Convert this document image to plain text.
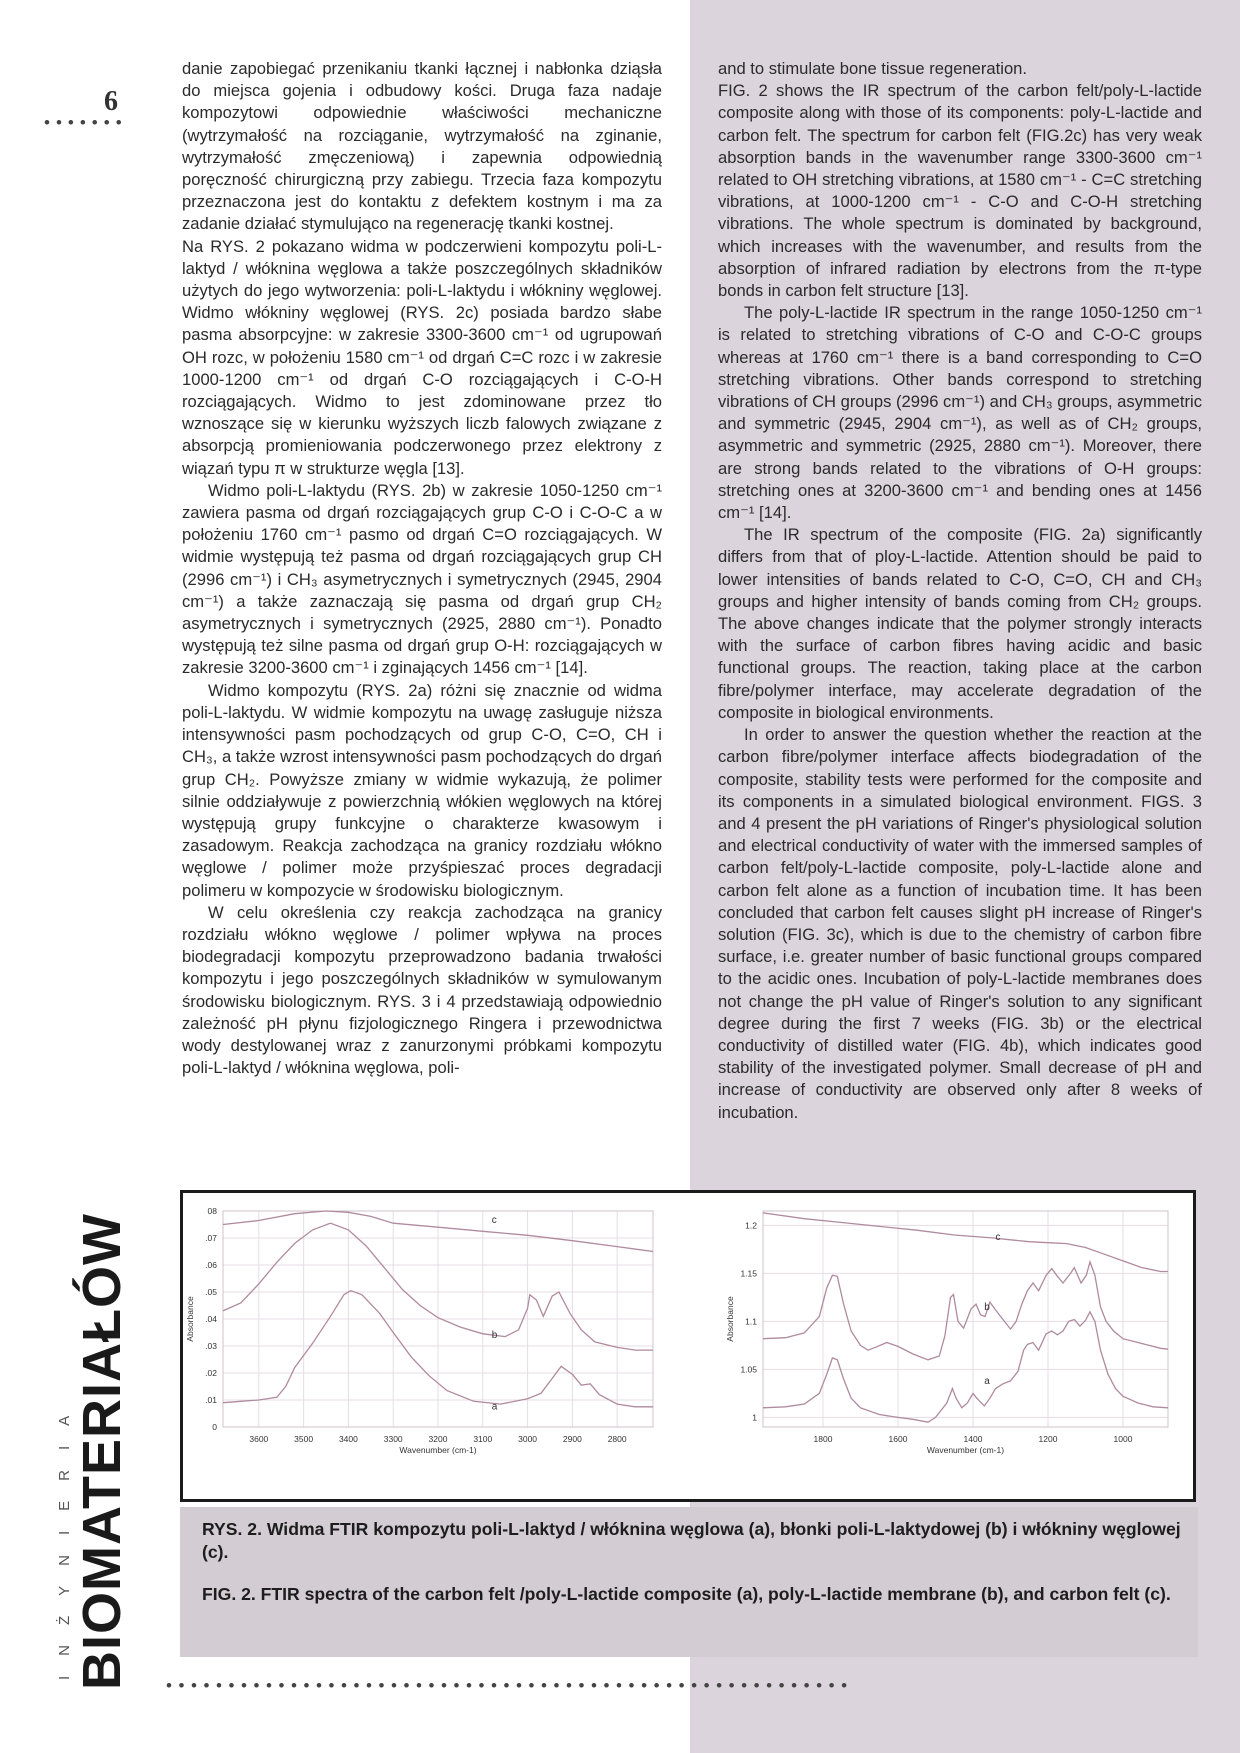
6
•••••••
INŻYNIERIA BIOMATERIAŁÓW

danie zapobiegać przenikaniu tkanki łącznej i nabłonka dziąsła do miejsca gojenia i odbudowy kości. Druga faza nadaje kompozytowi odpowiednie właściwości mechaniczne (wytrzymałość na rozciąganie, wytrzymałość na zginanie, wytrzymałość zmęczeniową) i zapewnia odpowiednią poręczność chirurgiczną przy zabiegu. Trzecia faza kompozytu przeznaczona jest do kontaktu z defektem kostnym i ma za zadanie działać stymulująco na regenerację tkanki kostnej.

Na RYS. 2 pokazano widma w podczerwieni kompozytu poli-L-laktyd / włóknina węglowa a także poszczególnych składników użytych do jego wytworzenia: poli-L-laktydu i włókniny węglowej. Widmo włókniny węglowej (RYS. 2c) posiada bardzo słabe pasma absorpcyjne: w zakresie 3300-3600 cm⁻¹ od ugrupowań OH rozc, w położeniu 1580 cm⁻¹ od drgań C=C rozc i w zakresie 1000-1200 cm⁻¹ od drgań C-O rozciągających i C-O-H rozciągających. Widmo to jest zdominowane przez tło wznoszące się w kierunku wyższych liczb falowych związane z absorpcją promieniowania podczerwonego przez elektrony z wiązań typu π w strukturze węgla [13].

Widmo poli-L-laktydu (RYS. 2b) w zakresie 1050-1250 cm⁻¹ zawiera pasma od drgań rozciągających grup C-O i C-O-C a w położeniu 1760 cm⁻¹ pasmo od drgań C=O rozciągających. W widmie występują też pasma od drgań rozciągających grup CH (2996 cm⁻¹) i CH₃ asymetrycznych i symetrycznych (2945, 2904 cm⁻¹) a także zaznaczają się pasma od drgań grup CH₂ asymetrycznych i symetrycznych (2925, 2880 cm⁻¹). Ponadto występują też silne pasma od drgań grup O-H: rozciągających w zakresie 3200-3600 cm⁻¹ i zginających 1456 cm⁻¹ [14].

Widmo kompozytu (RYS. 2a) różni się znacznie od widma poli-L-laktydu. W widmie kompozytu na uwagę zasługuje niższa intensywności pasm pochodzących od grup C-O, C=O, CH i CH₃, a także wzrost intensywności pasm pochodzących do drgań grup CH₂. Powyższe zmiany w widmie wykazują, że polimer silnie oddziaływuje z powierzchnią włókien węglowych na której występują grupy funkcyjne o charakterze kwasowym i zasadowym. Reakcja zachodząca na granicy rozdziału włókno węglowe / polimer może przyśpieszać proces degradacji polimeru w kompozycie w środowisku biologicznym.

W celu określenia czy reakcja zachodząca na granicy rozdziału włókno węglowe / polimer wpływa na proces biodegradacji kompozytu przeprowadzono badania trwałości kompozytu i jego poszczególnych składników w symulowanym środowisku biologicznym. RYS. 3 i 4 przedstawiają odpowiednio zależność pH płynu fizjologicznego Ringera i przewodnictwa wody destylowanej wraz z zanurzonymi próbkami kompozytu poli-L-laktyd / włóknina węglowa, poli-

and to stimulate bone tissue regeneration.

FIG. 2 shows the IR spectrum of the carbon felt/poly-L-lactide composite along with those of its components: poly-L-lactide and carbon felt. The spectrum for carbon felt (FIG.2c) has very weak absorption bands in the wavenumber range 3300-3600 cm⁻¹ related to OH stretching vibrations, at 1580 cm⁻¹ - C=C stretching vibrations, at 1000-1200 cm⁻¹ - C-O and C-O-H stretching vibrations. The whole spectrum is dominated by background, which increases with the wavenumber, and results from the absorption of infrared radiation by electrons from the π-type bonds in carbon felt structure [13].

The poly-L-lactide IR spectrum in the range 1050-1250 cm⁻¹ is related to stretching vibrations of C-O and C-O-C groups whereas at 1760 cm⁻¹ there is a band corresponding to C=O stretching vibrations. Other bands correspond to stretching vibrations of CH groups (2996 cm⁻¹) and CH₃ groups, asymmetric and symmetric (2945, 2904 cm⁻¹), as well as of CH₂ groups, asymmetric and symmetric (2925, 2880 cm⁻¹). Moreover, there are strong bands related to the vibrations of O-H groups: stretching ones at 3200-3600 cm⁻¹ and bending ones at 1456 cm⁻¹ [14].

The IR spectrum of the composite (FIG. 2a) significantly differs from that of ploy-L-lactide. Attention should be paid to lower intensities of bands related to C-O, C=O, CH and CH₃ groups and higher intensity of bands coming from CH₂ groups. The above changes indicate that the polymer strongly interacts with the surface of carbon fibres having acidic and basic functional groups. The reaction, taking place at the carbon fibre/polymer interface, may accelerate degradation of the composite in biological environments.

In order to answer the question whether the reaction at the carbon fibre/polymer interface affects biodegradation of the composite, stability tests were performed for the composite and its components in a simulated biological environment. FIGS. 3 and 4 present the pH variations of Ringer's physiological solution and electrical conductivity of water with the immersed samples of carbon felt/poly-L-lactide composite, poly-L-lactide alone and carbon felt alone as a function of incubation time. It has been concluded that carbon felt causes slight pH increase of Ringer's solution (FIG. 3c), which is due to the chemistry of carbon fibre surface, i.e. greater number of basic functional groups compared to the acidic ones. Incubation of poly-L-lactide membranes does not change the pH value of Ringer's solution to any significant degree during the first 7 weeks (FIG. 3b) or the electrical conductivity of distilled water (FIG. 4b), which indicates good stability of the investigated polymer. Small decrease of pH and increase of conductivity are observed only after 8 weeks of incubation.

3600	3500	3400	3300	3200	3100	3000	2900	2800
0
.01
.02
.03
.04
.05
.06
.07
08
Wavenumber (cm-1)
Absorbance
c
b
a
1800	1600	1400	1200	1000
1
1.05
1.1
1.15
1.2
Wavenumber (cm-1)
Absorbance
c
b
a
RYS. 2. Widma FTIR kompozytu poli-L-laktyd / włóknina węglowa (a), błonki poli-L-laktydowej (b) i włókniny węglowej (c).
FIG. 2. FTIR spectra of the carbon felt /poly-L-lactide composite (a), poly-L-lactide membrane (b), and carbon felt (c).
•••••••••••••••••••••••••••••••••••••••••••••••••••••••
